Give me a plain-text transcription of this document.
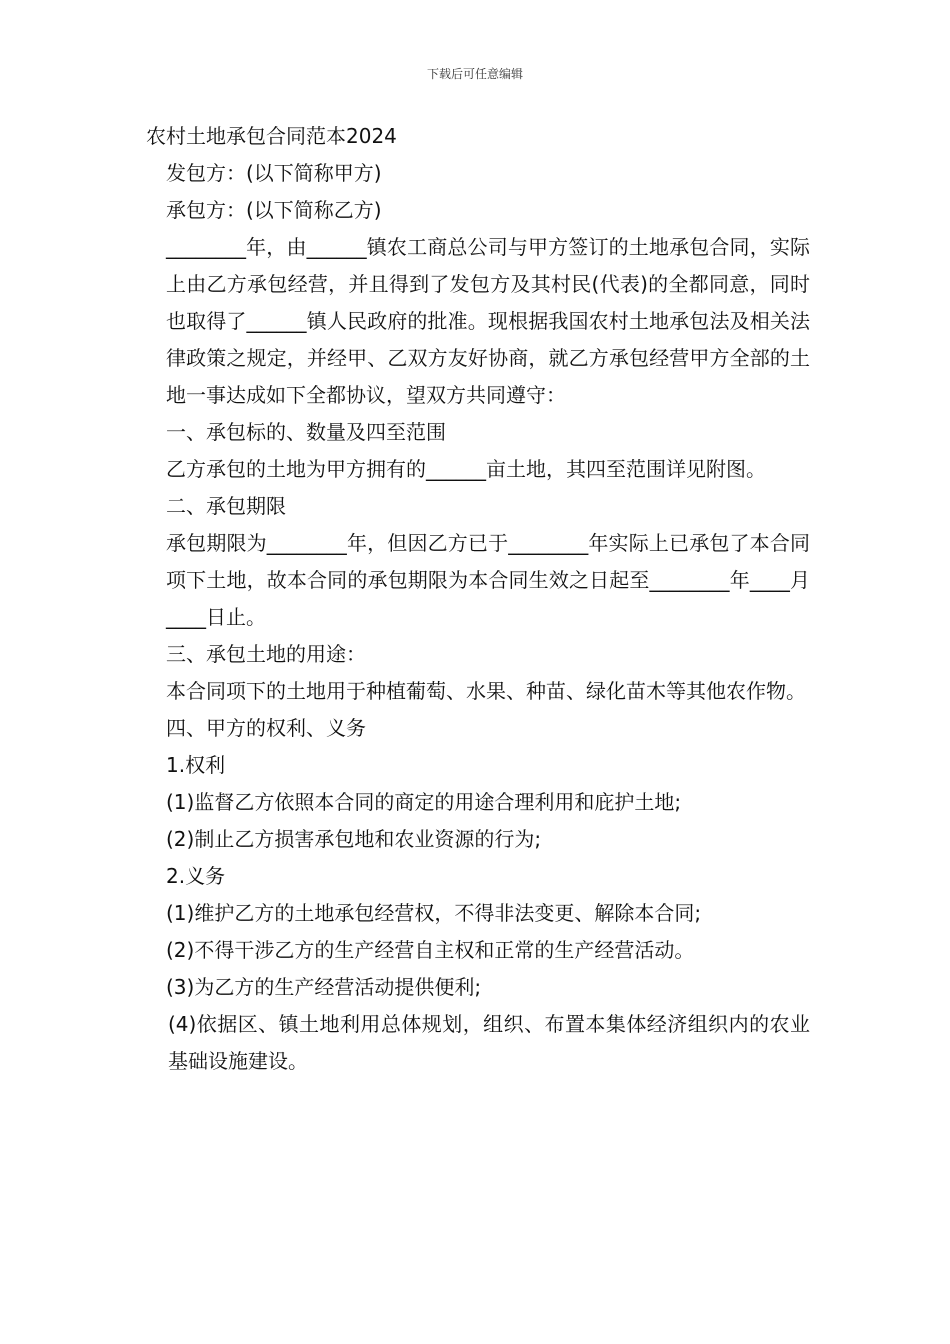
下载后可任意编辑

农村土地承包合同范本2024

发包方：(以下简称甲方)

承包方：(以下简称乙方)

________年，由______镇农工商总公司与甲方签订的土地承包合同，实际上由乙方承包经营，并且得到了发包方及其村民(代表)的全都同意，同时也取得了______镇人民政府的批准。现根据我国农村土地承包法及相关法律政策之规定，并经甲、乙双方友好协商，就乙方承包经营甲方全部的土地一事达成如下全都协议，望双方共同遵守：

一、承包标的、数量及四至范围

乙方承包的土地为甲方拥有的______亩土地，其四至范围详见附图。

二、承包期限

承包期限为________年，但因乙方已于________年实际上已承包了本合同项下土地，故本合同的承包期限为本合同生效之日起至________年____月____日止。

三、承包土地的用途：

本合同项下的土地用于种植葡萄、水果、种苗、绿化苗木等其他农作物。

四、甲方的权利、义务

1.权利

(1)监督乙方依照本合同的商定的用途合理利用和庇护土地;

(2)制止乙方损害承包地和农业资源的行为;

2.义务

(1)维护乙方的土地承包经营权，不得非法变更、解除本合同;

(2)不得干涉乙方的生产经营自主权和正常的生产经营活动。

(3)为乙方的生产经营活动提供便利;

(4)依据区、镇土地利用总体规划，组织、布置本集体经济组织内的农业基础设施建设。
